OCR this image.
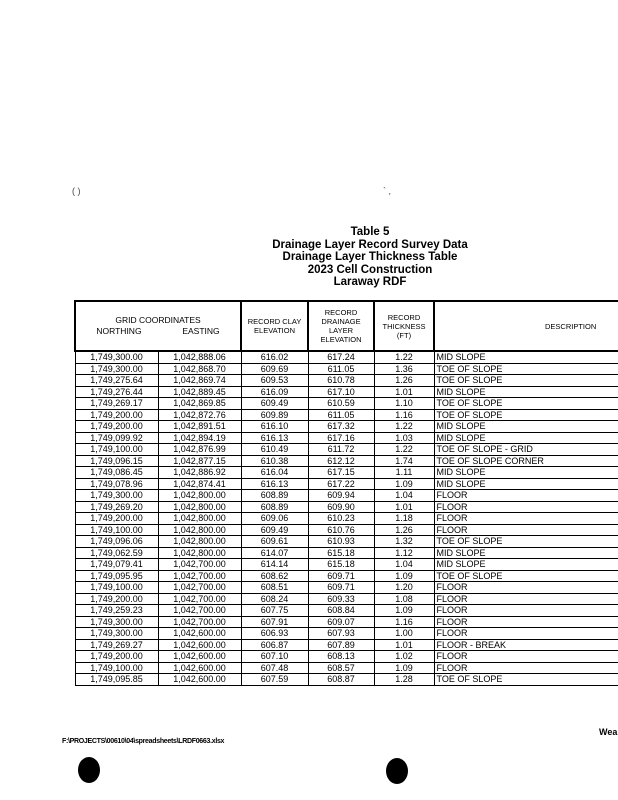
( )	` ,
Table 5
Drainage Layer Record Survey Data
Drainage Layer Thickness Table
2023 Cell Construction
Laraway RDF
GRID COORDINATES
NORTHING EASTING		RECORD CLAY ELEVATION	RECORD DRAINAGE LAYER ELEVATION	RECORD THICKNESS (FT)	DESCRIPTION
1,749,300.00	1,042,888.06	616.02	617.24	1.22	MID SLOPE
1,749,300.00	1,042,868.70	609.69	611.05	1.36	TOE OF SLOPE
1,749,275.64	1,042,869.74	609.53	610.78	1.26	TOE OF SLOPE
1,749,276.44	1,042,889.45	616.09	617.10	1.01	MID SLOPE
1,749,269.17	1,042,869.85	609.49	610.59	1.10	TOE OF SLOPE
1,749,200.00	1,042,872.76	609.89	611.05	1.16	TOE OF SLOPE
1,749,200.00	1,042,891.51	616.10	617.32	1.22	MID SLOPE
1,749,099.92	1,042,894.19	616.13	617.16	1.03	MID SLOPE
1,749,100.00	1,042,876.99	610.49	611.72	1.22	TOE OF SLOPE - GRID
1,749,096.15	1,042,877.15	610.38	612.12	1.74	TOE OF SLOPE CORNER
1,749,086.45	1,042,886.92	616.04	617.15	1.11	MID SLOPE
1,749,078.96	1,042,874.41	616.13	617.22	1.09	MID SLOPE
1,749,300.00	1,042,800.00	608.89	609.94	1.04	FLOOR
1,749,269.20	1,042,800.00	608.89	609.90	1.01	FLOOR
1,749,200.00	1,042,800.00	609.06	610.23	1.18	FLOOR
1,749,100.00	1,042,800.00	609.49	610.76	1.26	FLOOR
1,749,096.06	1,042,800.00	609.61	610.93	1.32	TOE OF SLOPE
1,749,062.59	1,042,800.00	614.07	615.18	1.12	MID SLOPE
1,749,079.41	1,042,700.00	614.14	615.18	1.04	MID SLOPE
1,749,095.95	1,042,700.00	608.62	609.71	1.09	TOE OF SLOPE
1,749,100.00	1,042,700.00	608.51	609.71	1.20	FLOOR
1,749,200.00	1,042,700.00	608.24	609.33	1.08	FLOOR
1,749,259.23	1,042,700.00	607.75	608.84	1.09	FLOOR
1,749,300.00	1,042,700.00	607.91	609.07	1.16	FLOOR
1,749,300.00	1,042,600.00	606.93	607.93	1.00	FLOOR
1,749,269.27	1,042,600.00	606.87	607.89	1.01	FLOOR - BREAK
1,749,200.00	1,042,600.00	607.10	608.13	1.02	FLOOR
1,749,100.00	1,042,600.00	607.48	608.57	1.09	FLOOR
1,749,095.85	1,042,600.00	607.59	608.87	1.28	TOE OF SLOPE
Wea
F:\PROJECTS\00610\04\spreadsheets\LRDF0663.xlsx
